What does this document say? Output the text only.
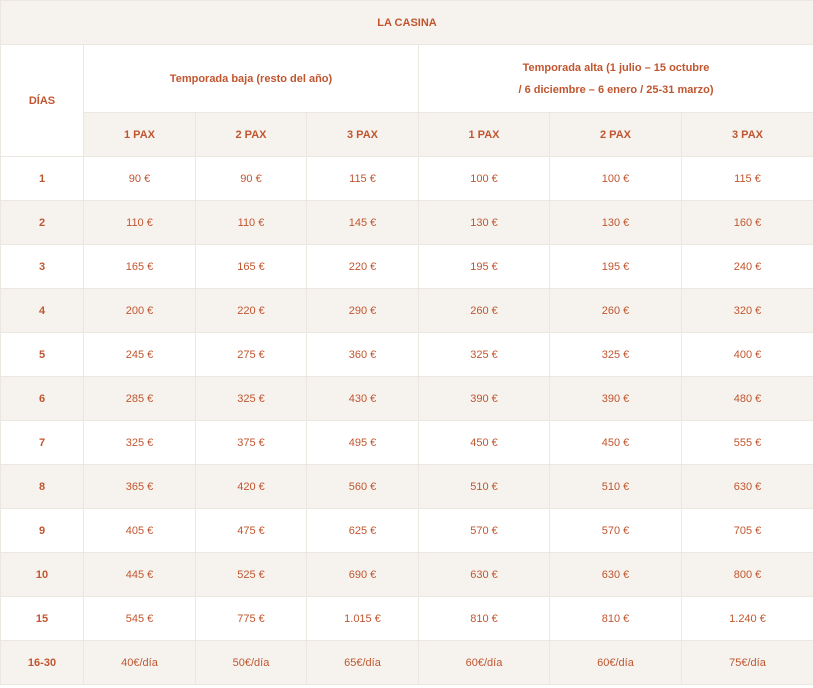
LA CASINA						
DÍAS	Temporada baja (resto del año)			Temporada alta (1 julio – 15 octubre
/ 6 diciembre – 6 enero / 25-31 marzo)		

	1 PAX	2 PAX	3 PAX	1 PAX	2 PAX	3 PAX
1	90 €	90 €	115 €	100 €	100 €	115 €
2	110 €	110 €	145 €	130 €	130 €	160 €
3	165 €	165 €	220 €	195 €	195 €	240 €
4	200 €	220 €	290 €	260 €	260 €	320 €
5	245 €	275 €	360 €	325 €	325 €	400 €
6	285 €	325 €	430 €	390 €	390 €	480 €
7	325 €	375 €	495 €	450 €	450 €	555 €
8	365 €	420 €	560 €	510 €	510 €	630 €
9	405 €	475 €	625 €	570 €	570 €	705 €
10	445 €	525 €	690 €	630 €	630 €	800 €
15	545 €	775 €	1.015 €	810 €	810 €	1.240 €
16-30	40€/día	50€/día	65€/día	60€/día	60€/día	75€/día
